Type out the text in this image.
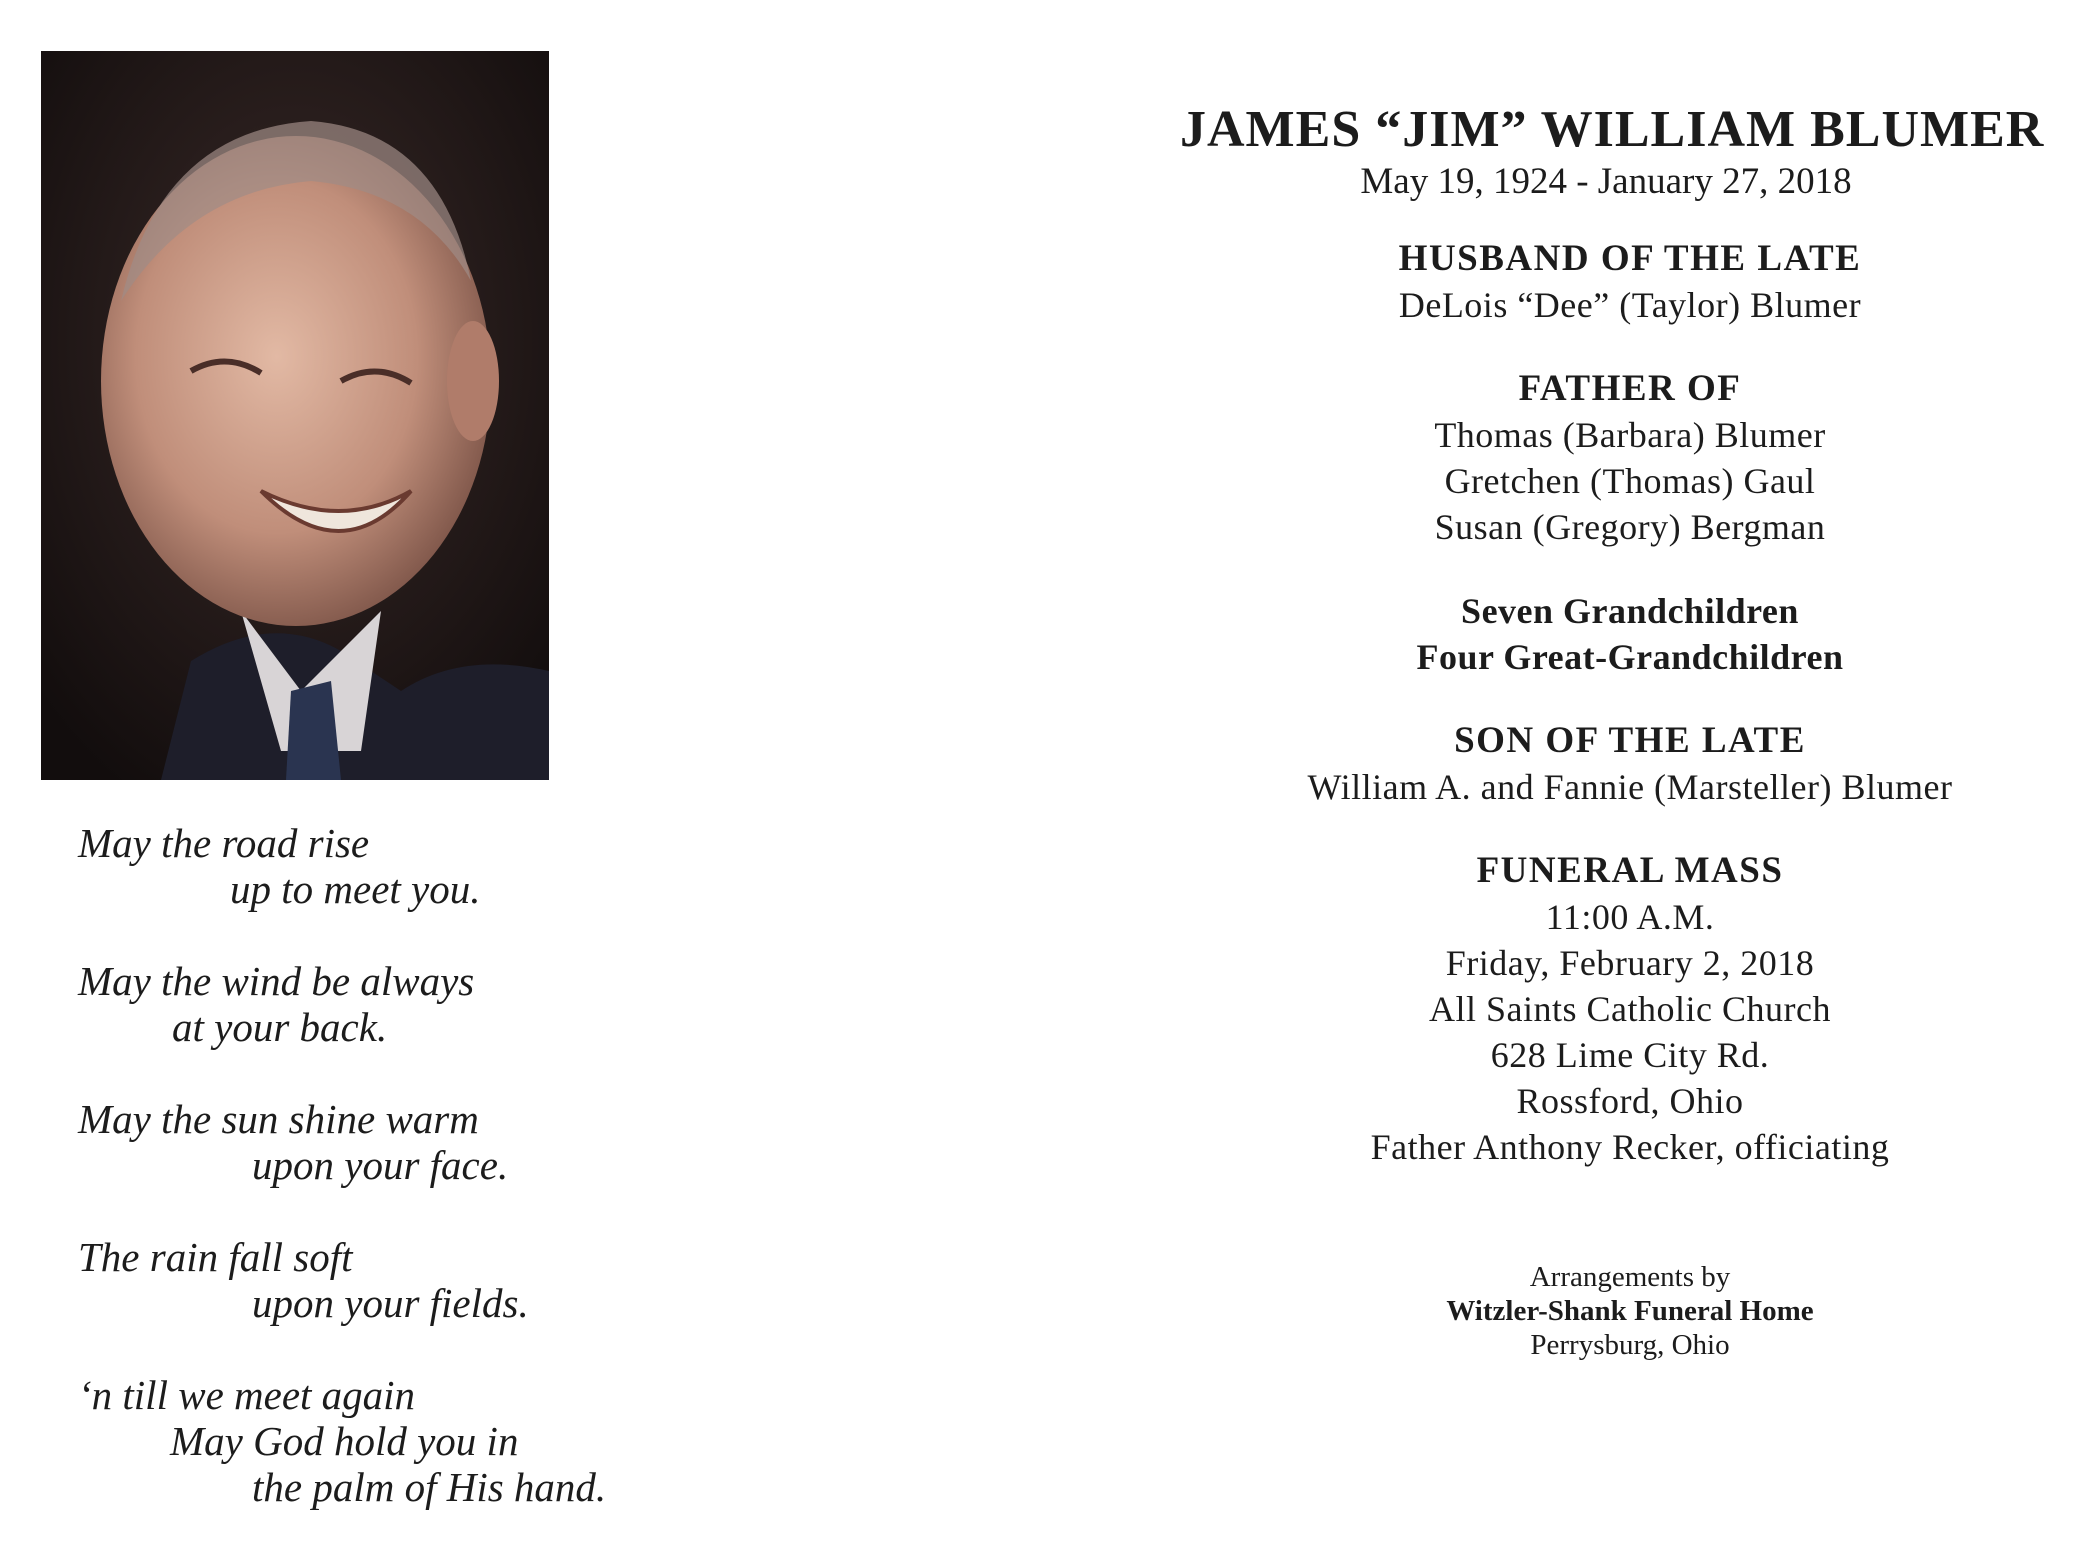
May the road rise
up to meet you.
May the wind be always
at your back.
May the sun shine warm
upon your face.
The rain fall soft
upon your fields.
‘n till we meet again
May God hold you in
the palm of His hand.
JAMES “JIM” WILLIAM BLUMER
May 19, 1924 - January 27, 2018
HUSBAND OF THE LATE
DeLois “Dee” (Taylor) Blumer
FATHER OF
Thomas (Barbara) Blumer
Gretchen (Thomas) Gaul
Susan (Gregory) Bergman
Seven Grandchildren
Four Great-Grandchildren
SON OF THE LATE
William A. and Fannie (Marsteller) Blumer
FUNERAL MASS
11:00 A.M.
Friday, February 2, 2018
All Saints Catholic Church
628 Lime City Rd.
Rossford, Ohio
Father Anthony Recker, officiating
Arrangements by
Witzler-Shank Funeral Home
Perrysburg, Ohio
